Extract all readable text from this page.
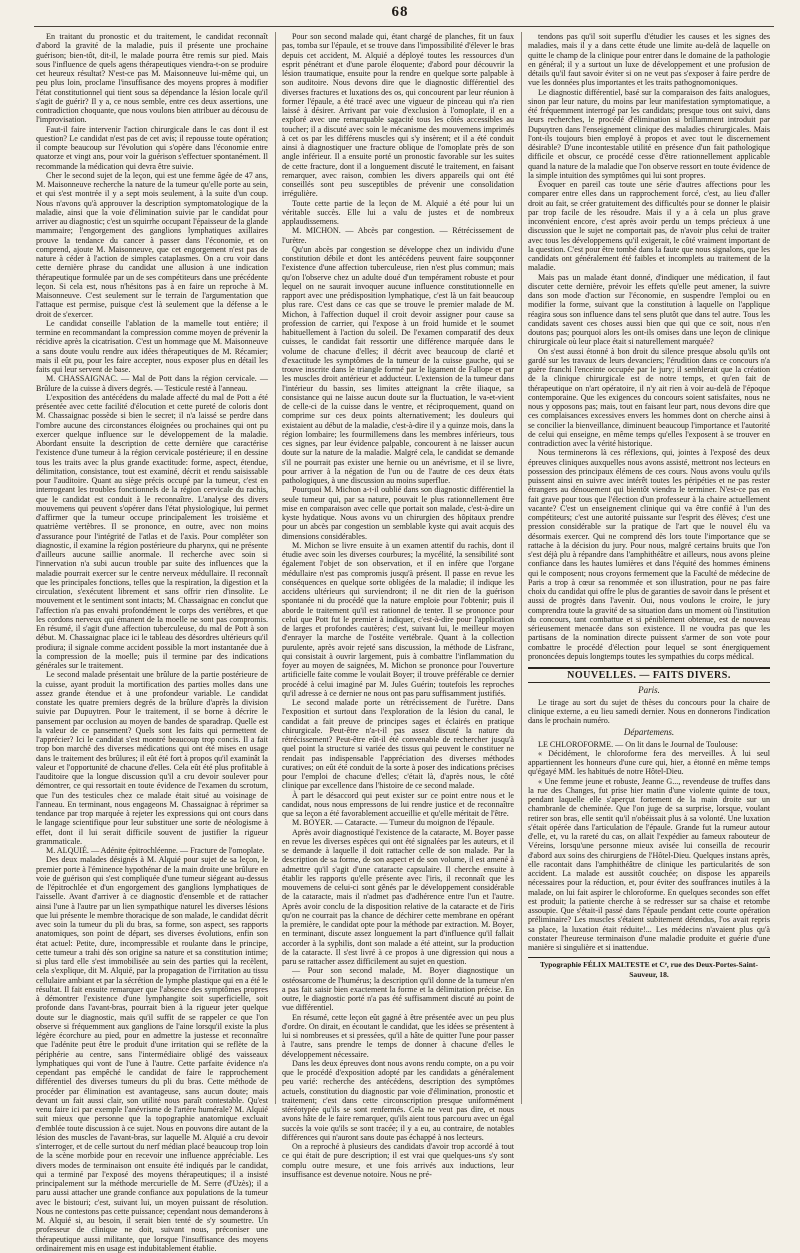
68

En traitant du pronostic et du traitement, le candidat reconnaît d'abord la gravité de la maladie, puis il présente une prochaine guérison; bien-tôt, dit-il, le malade pourra être remis sur pied. Mais sous l'influence de quels agens thérapeutiques viendra-t-on se produire cet heureux résultat? N'est-ce pas M. Maisonneuve lui-même qui, un peu plus loin, proclame l'insuffisance des moyens propres à modifier l'état constitutionnel qui tient sous sa dépendance la lésion locale qu'il s'agit de guérir? Il y a, ce nous semble, entre ces deux assertions, une contradiction choquante, que nous voulons bien attribuer au décousu de l'improvisation.

Faut-il faire intervenir l'action chirurgicale dans le cas dont il est question? Le candidat n'est pas de cet avis; il repousse toute opération; il compte beaucoup sur l'évolution qui s'opère dans l'économie entre quatorze et vingt ans, pour voir la guérison s'effectuer spontanément. Il recommande la médication qui devra être suivie.

Cher le second sujet de la leçon, qui est une femme âgée de 47 ans, M. Maisonneuve recherche la nature de la tumeur qu'elle porte au sein, et qui s'est montrée il y a sept mois seulement, à la suite d'un coup. Nous n'avons qu'à approuver la description symptomatologique de la maladie, ainsi que la voie d'élimination suivie par le candidat pour arriver au diagnostic; c'est un squirrhe occupant l'épaisseur de la glande mammaire; l'engorgement des ganglions lymphatiques axillaires prouve la tendance du cancer à passer dans l'économie, et on comprend, ajoute M. Maisonneuve, que cet engorgement n'est pas de nature à céder à l'action de simples cataplasmes. On a cru voir dans cette dernière phrase du candidat une allusion à une indication thérapeutique formulée par un de ses compétiteurs dans une précédente leçon. Si cela est, nous n'hésitons pas à en faire un reproche à M. Maisonneuve. C'est seulement sur le terrain de l'argumentation que l'attaque est permise, puisque c'est là seulement que la défense a le droit de s'exercer.

Le candidat conseille l'ablation de la mamelle tout entière; il termine en recommandant la compression comme moyen de prévenir la récidive après la cicatrisation. C'est un hommage que M. Maisonneuve a sans doute voulu rendre aux idées thérapeutiques de M. Récamier; mais il eût pu, pour les faire accepter, nous exposer plus en détail les faits qui leur servent de base.

M. CHASSAIGNAC. — Mal de Pott dans la région cervicale. — Brûlure de la cuisse à divers degrés. — Testicule resté à l'anneau.

L'exposition des antécédens du malade affecté du mal de Pott a été présentée avec cette facilité d'élocution et cette pureté de coloris dont M. Chassaignac possède si bien le secret; il n'a laissé se perdre dans l'ombre aucune des circonstances éloignées ou prochaines qui ont pu exercer quelque influence sur le développement de la maladie. Abordant ensuite la description de cette dernière que caractérise l'existence d'une tumeur à la région cervicale postérieure; il en dessine tous les traits avec la plus grande exactitude: forme, aspect, étendue, délimitation, consistance, tout est examiné, décrit et rendu saisissable pour l'auditoire. Quant au siège précis occupé par la tumeur, c'est en interrogeant les troubles fonctionnels de la région cervicale du rachis, que le candidat est conduit à le reconnaître. L'analyse des divers mouvemens qui peuvent s'opérer dans l'état physiologique, lui permet d'affirmer que la tumeur occupe principalement les troisième et quatrième vertèbres. Il se prononce, en outre, avec non moins d'assurance pour l'intégrité de l'atlas et de l'axis. Pour compléter son diagnostic, il examine la région postérieure du pharynx, qui ne présente d'ailleurs aucune saillie anormale. Il recherche avec soin si l'innervation n'a subi aucun trouble par suite des influences que la maladie pourrait exercer sur le centre nerveux médullaire. Il reconnaît que les principales fonctions, telles que la respiration, la digestion et la circulation, s'exécutent librement et sans offrir rien d'insolite. Le mouvement et le sentiment sont intacts; M. Chassaignac en conclut que l'affection n'a pas envahi profondément le corps des vertèbres, et que les cordons nerveux qui émanent de la moelle ne sont pas compromis. En résumé, il s'agit d'une affection tuberculeuse, du mal de Pott à son début. M. Chassaignac place ici le tableau des désordres ultérieurs qu'il prodiura; il signale comme accident possible la mort instantanée due à la compression de la moelle; puis il termine par des indications générales sur le traitement.

Le second malade présentait une brûlure de la partie postérieure de la cuisse, ayant produit la mortification des parties molles dans une assez grande étendue et à une profondeur variable. Le candidat constate les quatre premiers degrés de la brûlure d'après la division suivie par Dupuytren. Pour le traitement, il se borne à décrire le pansement par occlusion au moyen de bandes de sparadrap. Quelle est la valeur de ce pansement? Quels sont les faits qui permettent de l'apprécier? Ici le candidat s'est montré beaucoup trop concis. Il a fait trop bon marché des diverses médications qui ont été mises en usage dans le traitement des brûlures; il eût été fort à propos qu'il examinât la valeur et l'opportunité de chacune d'elles. Cela eût été plus profitable à l'auditoire que la longue discussion qu'il a cru devoir soulever pour démontrer, ce qui ressortait en toute évidence de l'examen du scrotum, que l'un des testicules chez ce malade était situé au voisinage de l'anneau. En terminant, nous engageons M. Chassaignac à réprimer sa tendance par trop marquée à rejeter les expressions qui ont cours dans le langage scientifique pour leur substituer une sorte de néologisme à effet, dont il lui serait difficile souvent de justifier la rigueur grammaticale.

M. ALQUIÉ. — Adénite épitrochléenne. — Fracture de l'omoplate.

Des deux malades désignés à M. Alquié pour sujet de sa leçon, le premier porte à l'éminence hypothénar de la main droite une brûlure en voie de guérison qui s'est compliquée d'une tumeur siégeant au-dessus de l'épitrochlée et d'un engorgement des ganglions lymphatiques de l'aisselle. Avant d'arriver à ce diagnostic d'ensemble et de rattacher ainsi l'une à l'autre par un lien sympathique naturel les diverses lésions que lui présente le membre thoracique de son malade, le candidat décrit avec soin la tumeur du pli du bras, sa forme, son aspect, ses rapports anatomiques, son point de départ, ses diverses évolutions, enfin son état actuel: Petite, dure, incompressible et roulante dans le principe, cette tumeur a trahi dès son origine sa nature et sa constitution intime; si plus tard elle s'est immobilisée au sein des parties qui la recèlent, cela s'explique, dit M. Alquié, par la propagation de l'irritation au tissu cellulaire ambiant et par la sécrétion de lymphe plastique qui en a été le résultat. Il fait ensuite remarquer que l'absence des symptômes propres à démontrer l'existence d'une lymphangite soit superficielle, soit profonde dans l'avant-bras, pourrait bien à la rigueur jeter quelque doute sur le diagnostic, mais qu'il suffit de se rappeler ce que l'on observe si fréquemment aux ganglions de l'aine lorsqu'il existe la plus légère écorchure au pied, pour en admettre la justesse et reconnaître que l'adénite peut être le produit d'une irritation qui se reflète de la périphérie au centre, sans l'intermédiaire obligé des vaisseaux lymphatiques qui vont de l'une à l'autre. Cette parfaite évidence n'a cependant pas empêché le candidat de faire le rapprochement différentiel des diverses tumeurs du pli du bras. Cette méthode de procéder par élimination est avantageuse, sans aucun doute; mais devant un fait aussi clair, son utilité nous paraît contestable. Qu'est venu faire ici par exemple l'anévrisme de l'artère humérale? M. Alquié suit mieux que personne que la topographie anatomique excluait d'emblée toute discussion à ce sujet. Nous en pouvons dire autant de la lésion des muscles de l'avant-bras, sur laquelle M. Alquié a cru devoir s'interroger, et de celle surtout du nerf médian placé beaucoup trop loin de la scène morbide pour en recevoir une influence appréciable. Les divers modes de terminaison ont ensuite été indiqués par le candidat, qui a terminé par l'exposé des moyens thérapeutiques; il a insisté principalement sur la méthode mercurielle de M. Serre (d'Uzès); il a paru aussi attacher une grande confiance aux populations de la tumeur avec le bistouri; c'est, suivant lui, un moyen puissant de résolution. Nous ne contestons pas cette puissance; cependant nous demanderons à M. Alquié si, au besoin, il serait bien tenté de s'y soumettre. Un professeur de clinique ne doit, suivant nous, préconiser une thérapeutique aussi militante, que lorsque l'insuffisance des moyens ordinairement mis en usage est indubitablement établie.

Pour son second malade qui, étant chargé de planches, fit un faux pas, tomba sur l'épaule, et se trouve dans l'impossibilité d'élever le bras depuis cet accident, M. Alquié a déployé toutes les ressources d'un esprit pénétrant et d'une parole éloquente; d'abord pour découvrir la lésion traumatique, ensuite pour la rendre en quelque sorte palpable à son auditoire. Nous devons dire que le diagnostic différentiel des diverses fractures et luxations des os, qui concourent par leur réunion à former l'épaule, a été tracé avec une vigueur de pinceau qui n'a rien laissé à désirer. Arrivant par voie d'exclusion à l'omoplate, il en a exploré avec une remarquable sagacité tous les côtés accessibles au toucher; il a discuté avec soin le mécanisme des mouvemens imprimés à cet os par les différens muscles qui s'y insèrent; et il a été conduit ainsi à diagnostiquer une fracture oblique de l'omoplate près de son angle inférieur. Il a ensuite porté un pronostic favorable sur les suites de cette fracture, dont il a longuement discuté le traitement, en faisant remarquer, avec raison, combien les divers appareils qui ont été conseillés sont peu susceptibles de prévenir une consolidation irrégulière.

Toute cette partie de la leçon de M. Alquié a été pour lui un véritable succès. Elle lui a valu de justes et de nombreux applaudissemens.

M. MICHON. — Abcès par congestion. — Rétrécissement de l'urètre.

Qu'un abcès par congestion se développe chez un individu d'une constitution débile et dont les antécédens peuvent faire soupçonner l'existence d'une affection tuberculeuse, rien n'est plus commun; mais qu'on l'observe chez un adulte doué d'un tempérament robuste et pour lequel on ne saurait invoquer aucune influence constitutionnelle en rapport avec une prédisposition lymphatique, c'est là un fait beaucoup plus rare. C'est dans ce cas que se trouve le premier malade de M. Michon, à l'affection duquel il croit devoir assigner pour cause sa profession de carrier, qui l'expose à un froid humide et le soumet habituellement à l'action du soleil. De l'examen comparatif des deux cuisses, le candidat fait ressortir une différence marquée dans le volume de chacune d'elles; il décrit avec beaucoup de clarté et d'exactitude les symptômes de la tumeur de la cuisse gauche, qui se trouve inscrite dans le triangle formé par le ligament de Fallope et par les muscles droit antérieur et adducteur. L'extension de la tumeur dans l'intérieur du bassin, ses limites atteignant la crête iliaque, sa consistance qui ne laisse aucun doute sur la fluctuation, le va-et-vient de celle-ci de la cuisse dans le ventre, et réciproquement, quand on comprime sur ces deux points alternativement; les douleurs qui existaient au début de la maladie, c'est-à-dire il y a quinze mois, dans la région lombaire; les fourmillemens dans les membres inférieurs, tous ces signes, par leur évidence palpable, concourent à ne laisser aucun doute sur la nature de la maladie. Malgré cela, le candidat se demande s'il ne pourrait pas exister une hernie ou un anévrisme, et il se livre, pour arriver à la négation de l'un ou de l'autre de ces deux états pathologiques, à une discussion au moins superflue.

Pourquoi M. Michon a-t-il oublié dans son diagnostic différentiel la seule tumeur qui, par sa nature, pouvait le plus rationnellement être mise en comparaison avec celle que portait son malade, c'est-à-dire un kyste hydatique. Nous avons vu un chirurgien des hôpitaux prendre pour un abcès par congestion un semblable kyste qui avait acquis des dimensions considérables.

M. Michon se livre ensuite à un examen attentif du rachis, dont il étudie avec soin les diverses courbures; la mycélité, la sensibilité sont également l'objet de son observation, et il en infère que l'organe médullaire n'est pas compromis jusqu'à présent. Il passe en revue les conséquences en quelque sorte obligées de la maladie; il indique les accidens ultérieurs qui surviendront; il ne dit rien de la guérison spontanée ni du procédé que la nature emploie pour l'obtenir; puis il aborde le traitement qu'il est rationnel de tenter. Il se prononce pour celui que Pott fut le premier à indiquer, c'est-à-dire pour l'application de larges et profondes cautères; c'est, suivant lui, le meilleur moyen d'enrayer la marche de l'ostéite vertébrale. Quant à la collection purulente, après avoir rejeté sans discussion, la méthode de Lisfranc, qui consistait à ouvrir largement, puis à combattre l'inflammation du foyer au moyen de saignées, M. Michon se prononce pour l'ouverture artificielle faite comme le voulait Boyer; il trouve préférable ce dernier procédé à celui imaginé par M. Jules Guérin; toutefois les reproches qu'il adresse à ce dernier ne nous ont pas paru suffisamment justifiés.

Le second malade porte un rétrécissement de l'urètre. Dans l'exposition et surtout dans l'exploration de la lésion du canal, le candidat a fait preuve de principes sages et éclairés en pratique chirurgicale. Peut-être n'a-t-il pas assez discuté la nature du rétrécissement? Peut-être eût-il été convenable de rechercher jusqu'à quel point la structure si variée des tissus qui peuvent le constituer ne rendait pas indispensable l'appréciation des diverses méthodes curatives; on eût été conduit de la sorte à poser des indications précises pour l'emploi de chacune d'elles; c'était là, d'après nous, le côté clinique par excellence dans l'histoire de ce second malade.

À part le désaccord qui peut exister sur ce point entre nous et le candidat, nous nous empressons de lui rendre justice et de reconnaître que sa leçon a été favorablement accueillie et qu'elle méritait de l'être.

M. BOYER. — Cataracte. — Tumeur du moignon de l'épaule.

Après avoir diagnostiqué l'existence de la cataracte, M. Boyer passe en revue les diverses espèces qui ont été signalées par les auteurs, et il se demande à laquelle il doit rattacher celle de son malade. Par la description de sa forme, de son aspect et de son volume, il est amené à admettre qu'il s'agit d'une cataracte capsulaire. Il cherche ensuite à établir les rapports qu'elle présente avec l'iris, il reconnaît que les mouvemens de celui-ci sont gênés par le développement considérable de la cataracte, mais il n'admet pas d'adhérence entre l'un et l'autre. Après avoir conclu de la disposition relative de la cataracte et de l'iris qu'on ne courrait pas la chance de déchirer cette membrane en opérant la première, le candidat opte pour la méthode par extraction. M. Boyer, en terminant, discute assez longuement la part d'influence qu'il fallait accorder à la syphilis, dont son malade a été atteint, sur la production de la cataracte. Il s'est livré à ce propos à une digression qui nous a paru se rattacher assez difficilement au sujet en question.

— Pour son second malade, M. Boyer diagnostique un ostéosarcome de l'humérus; la description qu'il donne de la tumeur n'en a pas fait saisir bien exactement la forme et la délimitation précise. En outre, le diagnostic porté n'a pas été suffisamment discuté au point de vue différentiel.

En résumé, cette leçon eût gagné à être présentée avec un peu plus d'ordre. On dirait, en écoutant le candidat, que les idées se présentent à lui si nombreuses et si pressées, qu'il a hâte de quitter l'une pour passer à l'autre, sans prendre le temps de donner à chacune d'elles le développement nécessaire.

Dans les deux épreuves dont nous avons rendu compte, on a pu voir que le procédé d'exposition adopté par les candidats a généralement peu varié: recherche des antécédens, description des symptômes actuels, constitution du diagnostic par voie d'élimination, pronostic et traitement; c'est dans cette circonscription presque uniformément stéréotypée qu'ils se sont renfermés. Cela ne veut pas dire, et nous avons hâte de le faire remarquer, qu'ils aient tous parcouru avec un égal succès la voie qu'ils se sont tracée; il y a eu, au contraire, de notables différences qui n'auront sans doute pas échappé à nos lecteurs.

On a reproché à plusieurs des candidats d'avoir trop accordé à tout ce qui était de pure description; il est vrai que quelques-uns s'y sont complu outre mesure, et une fois arrivés aux inductions, leur insuffisance est devenue notoire. Nous ne pré-

tendons pas qu'il soit superflu d'étudier les causes et les signes des maladies, mais il y a dans cette étude une limite au-delà de laquelle on quitte le champ de la clinique pour entrer dans le domaine de la pathologie en général; il y a surtout un luxe de développement et une profusion de détails qu'il faut savoir éviter si on ne veut pas s'exposer à faire perdre de vue les données plus importantes et les traits pathognomoniques.

Le diagnostic différentiel, basé sur la comparaison des faits analogues, sinon par leur nature, du moins par leur manifestation symptomatique, a été fréquemment interrogé par les candidats; presque tous ont suivi, dans leurs recherches, le procédé d'élimination si brillamment introduit par Dupuytren dans l'enseignement clinique des maladies chirurgicales. Mais l'ont-ils toujours bien employé à propos et avec tout le discernement désirable? D'une incontestable utilité en présence d'un fait pathologique difficile et obscur, ce procédé cesse d'être rationnellement applicable quand la nature de la maladie que l'on observe ressort en toute évidence de la simple intuition des symptômes qui lui sont propres.

Évoquer en pareil cas toute une série d'autres affections pour les comparer entre elles dans un rapprochement forcé, c'est, au lieu d'aller droit au fait, se créer gratuitement des difficultés pour se donner le plaisir par trop facile de les résoudre. Mais il y a à cela un plus grave inconvénient encore, c'est après avoir perdu un temps précieux à une discussion que le sujet ne comportait pas, de n'avoir plus celui de traiter avec tous les développemens qu'il exigerait, le côté vraiment important de la question. C'est pour être tombé dans la faute que nous signalons, que les candidats ont généralement été faibles et incomplets au traitement de la maladie.

Mais pas un malade étant donné, d'indiquer une médication, il faut discuter cette dernière, prévoir les effets qu'elle peut amener, la suivre dans son mode d'action sur l'économie, en suspendre l'emploi ou en modifier la forme, suivant que la constitution à laquelle on l'applique réagira sous son influence dans tel sens plutôt que dans tel autre. Tous les candidats savent ces choses aussi bien que qui que ce soit, nous n'en doutons pas; pourquoi alors les ont-ils omises dans une leçon de clinique chirurgicale où leur place était si naturellement marquée?

On s'est aussi étonné à bon droit du silence presque absolu qu'ils ont gardé sur les travaux de leurs devanciers; l'érudition dans ce concours n'a guère franchi l'enceinte occupée par le jury; il semblerait que la création de la clinique chirurgicale est de notre temps, et qu'en fait de thérapeutique on n'art opératoire, il n'y ait rien à voir au-delà de l'époque contemporaine. Que les exigences du concours soient satisfaites, nous ne nous y opposons pas; mais, tout en faisant leur part, nous devons dire que ces complaisances excessives envers les hommes dont on cherche ainsi à se concilier la bienveillance, diminuent beaucoup l'importance et l'autorité de celui qui enseigne, en même temps qu'elles l'exposent à se trouver en contradiction avec la vérité historique.

Nous terminerons là ces réflexions, qui, jointes à l'exposé des deux épreuves cliniques auxquelles nous avons assisté, mettront nos lecteurs en possession des principaux élémens de ces cours. Nous avons voulu qu'ils puissent ainsi en suivre avec intérêt toutes les péripéties et ne pas rester étrangers au dénouement qui bientôt viendra le terminer. N'est-ce pas en fait grave pour tous que l'élection d'un professeur à la chaire actuellement vacante? C'est un enseignement clinique qui va être confié à l'un des compétiteurs; c'est une autorité puissante sur l'esprit des élèves; c'est une pression considérable sur la pratique de l'art que le nouvel élu va désormais exercer. Qui ne comprend dès lors toute l'importance que se rattache à la décision du jury. Pour nous, malgré certains bruits que l'on s'est déjà plu à répandre dans l'amphithéâtre et ailleurs, nous avons pleine confiance dans les hautes lumières et dans l'équité des hommes éminens qui le composent; nous croyons fermement que la Faculté de médecine de Paris a trop à cœur sa renommée et son illustration, pour ne pas faire choix du candidat qui offre le plus de garanties de savoir dans le présent et aussi de progrès dans l'avenir. Oui, nous voulons le croire, le jury comprendra toute la gravité de sa situation dans un moment où l'institution du concours, tant combattue et si péniblement obtenue, est de nouveau sérieusement menacée dans son existence. Il ne voudra pas que les partisans de la nomination directe puissent s'armer de son vote pour combattre le procédé d'élection pour lequel se sont énergiquement prononcées depuis longtemps toutes les sympathies du corps médical.

NOUVELLES. — FAITS DIVERS.
Paris.

Le tirage au sort du sujet de thèses du concours pour la chaire de clinique externe, a eu lieu samedi dernier. Nous en donnerons l'indication dans le prochain numéro.

Départemens.

LE CHLOROFORME. — On lit dans le Journal de Toulouse:

« Décidément, le chloroforme fera des merveilles. À lui seul appartiennent les honneurs d'une cure qui, hier, a étonné en même temps qu'égayé MM. les habitués de notre Hôtel-Dieu.

« Une femme jeune et robuste, Jeanne G..., revendeuse de truffes dans la rue des Changes, fut prise hier matin d'une violente quinte de toux, pendant laquelle elle s'aperçut fortement de la main droite sur un chambranle de cheminée. Que l'on juge de sa surprise, lorsque, voulant retirer son bras, elle sentit qu'il n'obéissait plus à sa volonté. Une luxation s'était opérée dans l'articulation de l'épaule. Grande fut la rumeur autour d'elle, et, vu la rareté du cas, on allait l'expédier au fameux rabouteur de Véreins, lorsqu'une personne mieux avisée lui conseilla de recourir d'abord aux soins des chirurgiens de l'Hôtel-Dieu. Quelques instans après, elle racontait dans l'amphithéâtre de clinique les particularités de son accident. La malade est aussitôt couchée; on dispose les appareils nécessaires pour la réduction, et, pour éviter des souffrances inutiles à la malade, on lui fait aspirer le chloroforme. En quelques secondes son effet est produit; la patiente cherche à se redresser sur sa chaise et retombe assoupie. Que s'était-il passé dans l'épaule pendant cette courte opération préliminaire? Les muscles s'étaient subitement détendus, l'os avait repris sa place, la luxation était réduite!... Les médecins n'avaient plus qu'à constater l'heureuse terminaison d'une maladie produite et guérie d'une manière si singulière et si inattendue.

Typographie FÉLIX MALTESTE et Cᵉ, rue des Deux-Portes-Saint-Sauveur, 18.
